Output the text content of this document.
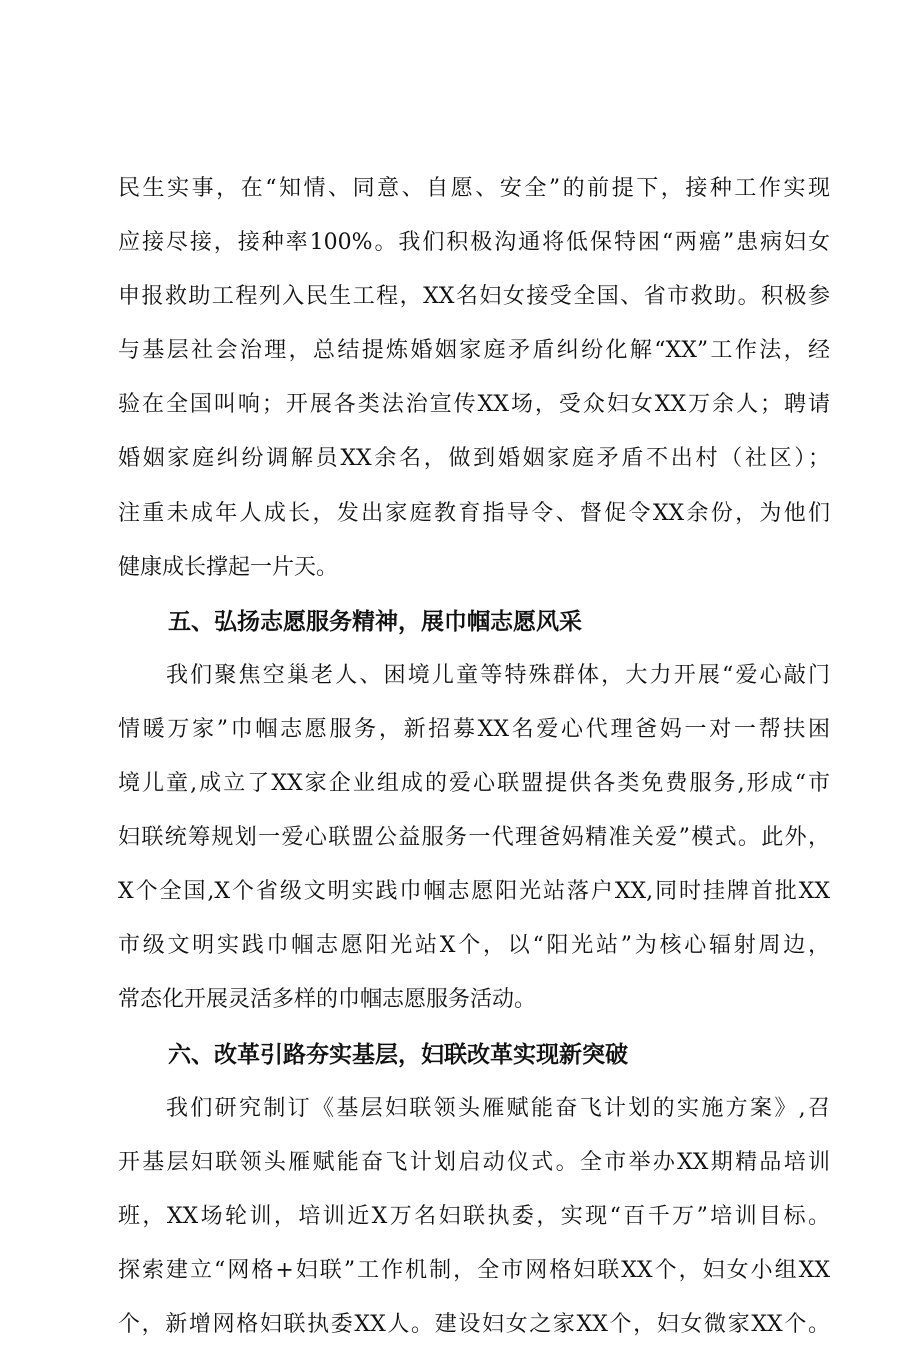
民生实事，在“知情、同意、自愿、安全”的前提下，接种工作实现
应接尽接，接种率100%。我们积极沟通将低保特困“两癌”患病妇女
申报救助工程列入民生工程，XX名妇女接受全国、省市救助。积极参
与基层社会治理，总结提炼婚姻家庭矛盾纠纷化解“XX”工作法，经
验在全国叫响；开展各类法治宣传XX场，受众妇女XX万余人；聘请
婚姻家庭纠纷调解员XX余名，做到婚姻家庭矛盾不出村（社区）；
注重未成年人成长，发出家庭教育指导令、督促令XX余份，为他们
健康成长撑起一片天。
五、弘扬志愿服务精神，展巾帼志愿风采
我们聚焦空巢老人、困境儿童等特殊群体，大力开展“爱心敲门
情暖万家”巾帼志愿服务，新招募XX名爱心代理爸妈一对一帮扶困
境儿童,成立了XX家企业组成的爱心联盟提供各类免费服务,形成“市
妇联统筹规划一爱心联盟公益服务一代理爸妈精准关爱”模式。此外，
X个全国,X个省级文明实践巾帼志愿阳光站落户XX,同时挂牌首批XX
市级文明实践巾帼志愿阳光站X个，以“阳光站”为核心辐射周边，
常态化开展灵活多样的巾帼志愿服务活动。
六、改革引路夯实基层，妇联改革实现新突破
我们研究制订《基层妇联领头雁赋能奋飞计划的实施方案》,召
开基层妇联领头雁赋能奋飞计划启动仪式。全市举办XX期精品培训
班，XX场轮训，培训近X万名妇联执委，实现“百千万”培训目标。
探索建立“网格+妇联”工作机制，全市网格妇联XX个，妇女小组XX
个，新增网格妇联执委XX人。建设妇女之家XX个，妇女微家XX个。
